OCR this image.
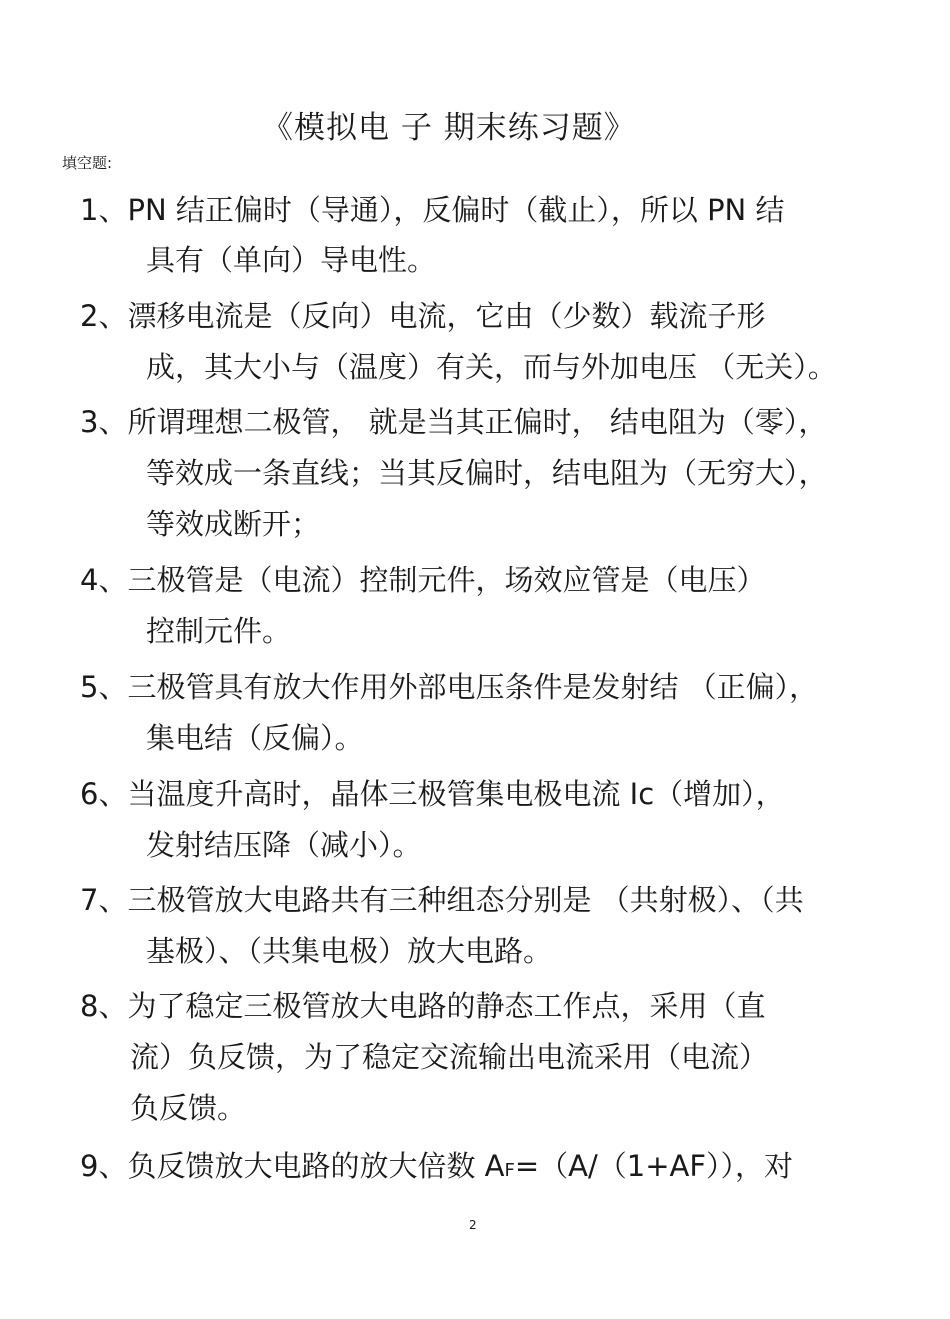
《模拟电 子 期末练习题》
填空题:
1、PN 结正偏时（导通），反偏时（截止），所以 PN 结
具有（单向）导电性。
2、漂移电流是（反向）电流，它由（少数）载流子形
成，其大小与（温度）有关，而与外加电压 （无关）。
3、所谓理想二极管， 就是当其正偏时， 结电阻为（零），
等效成一条直线；当其反偏时，结电阻为（无穷大），
等效成断开；
4、三极管是（电流）控制元件，场效应管是（电压）
控制元件。
5、三极管具有放大作用外部电压条件是发射结 （正偏），
集电结（反偏）。
6、当温度升高时，晶体三极管集电极电流 Ic（增加），
发射结压降（减小）。
7、三极管放大电路共有三种组态分别是 （共射极）、（共
基极）、（共集电极）放大电路。
8、为了稳定三极管放大电路的静态工作点，采用（直
流）负反馈，为了稳定交流输出电流采用（电流）
负反馈。
9、负反馈放大电路的放大倍数 AF=（A/（1+AF）），对
2
